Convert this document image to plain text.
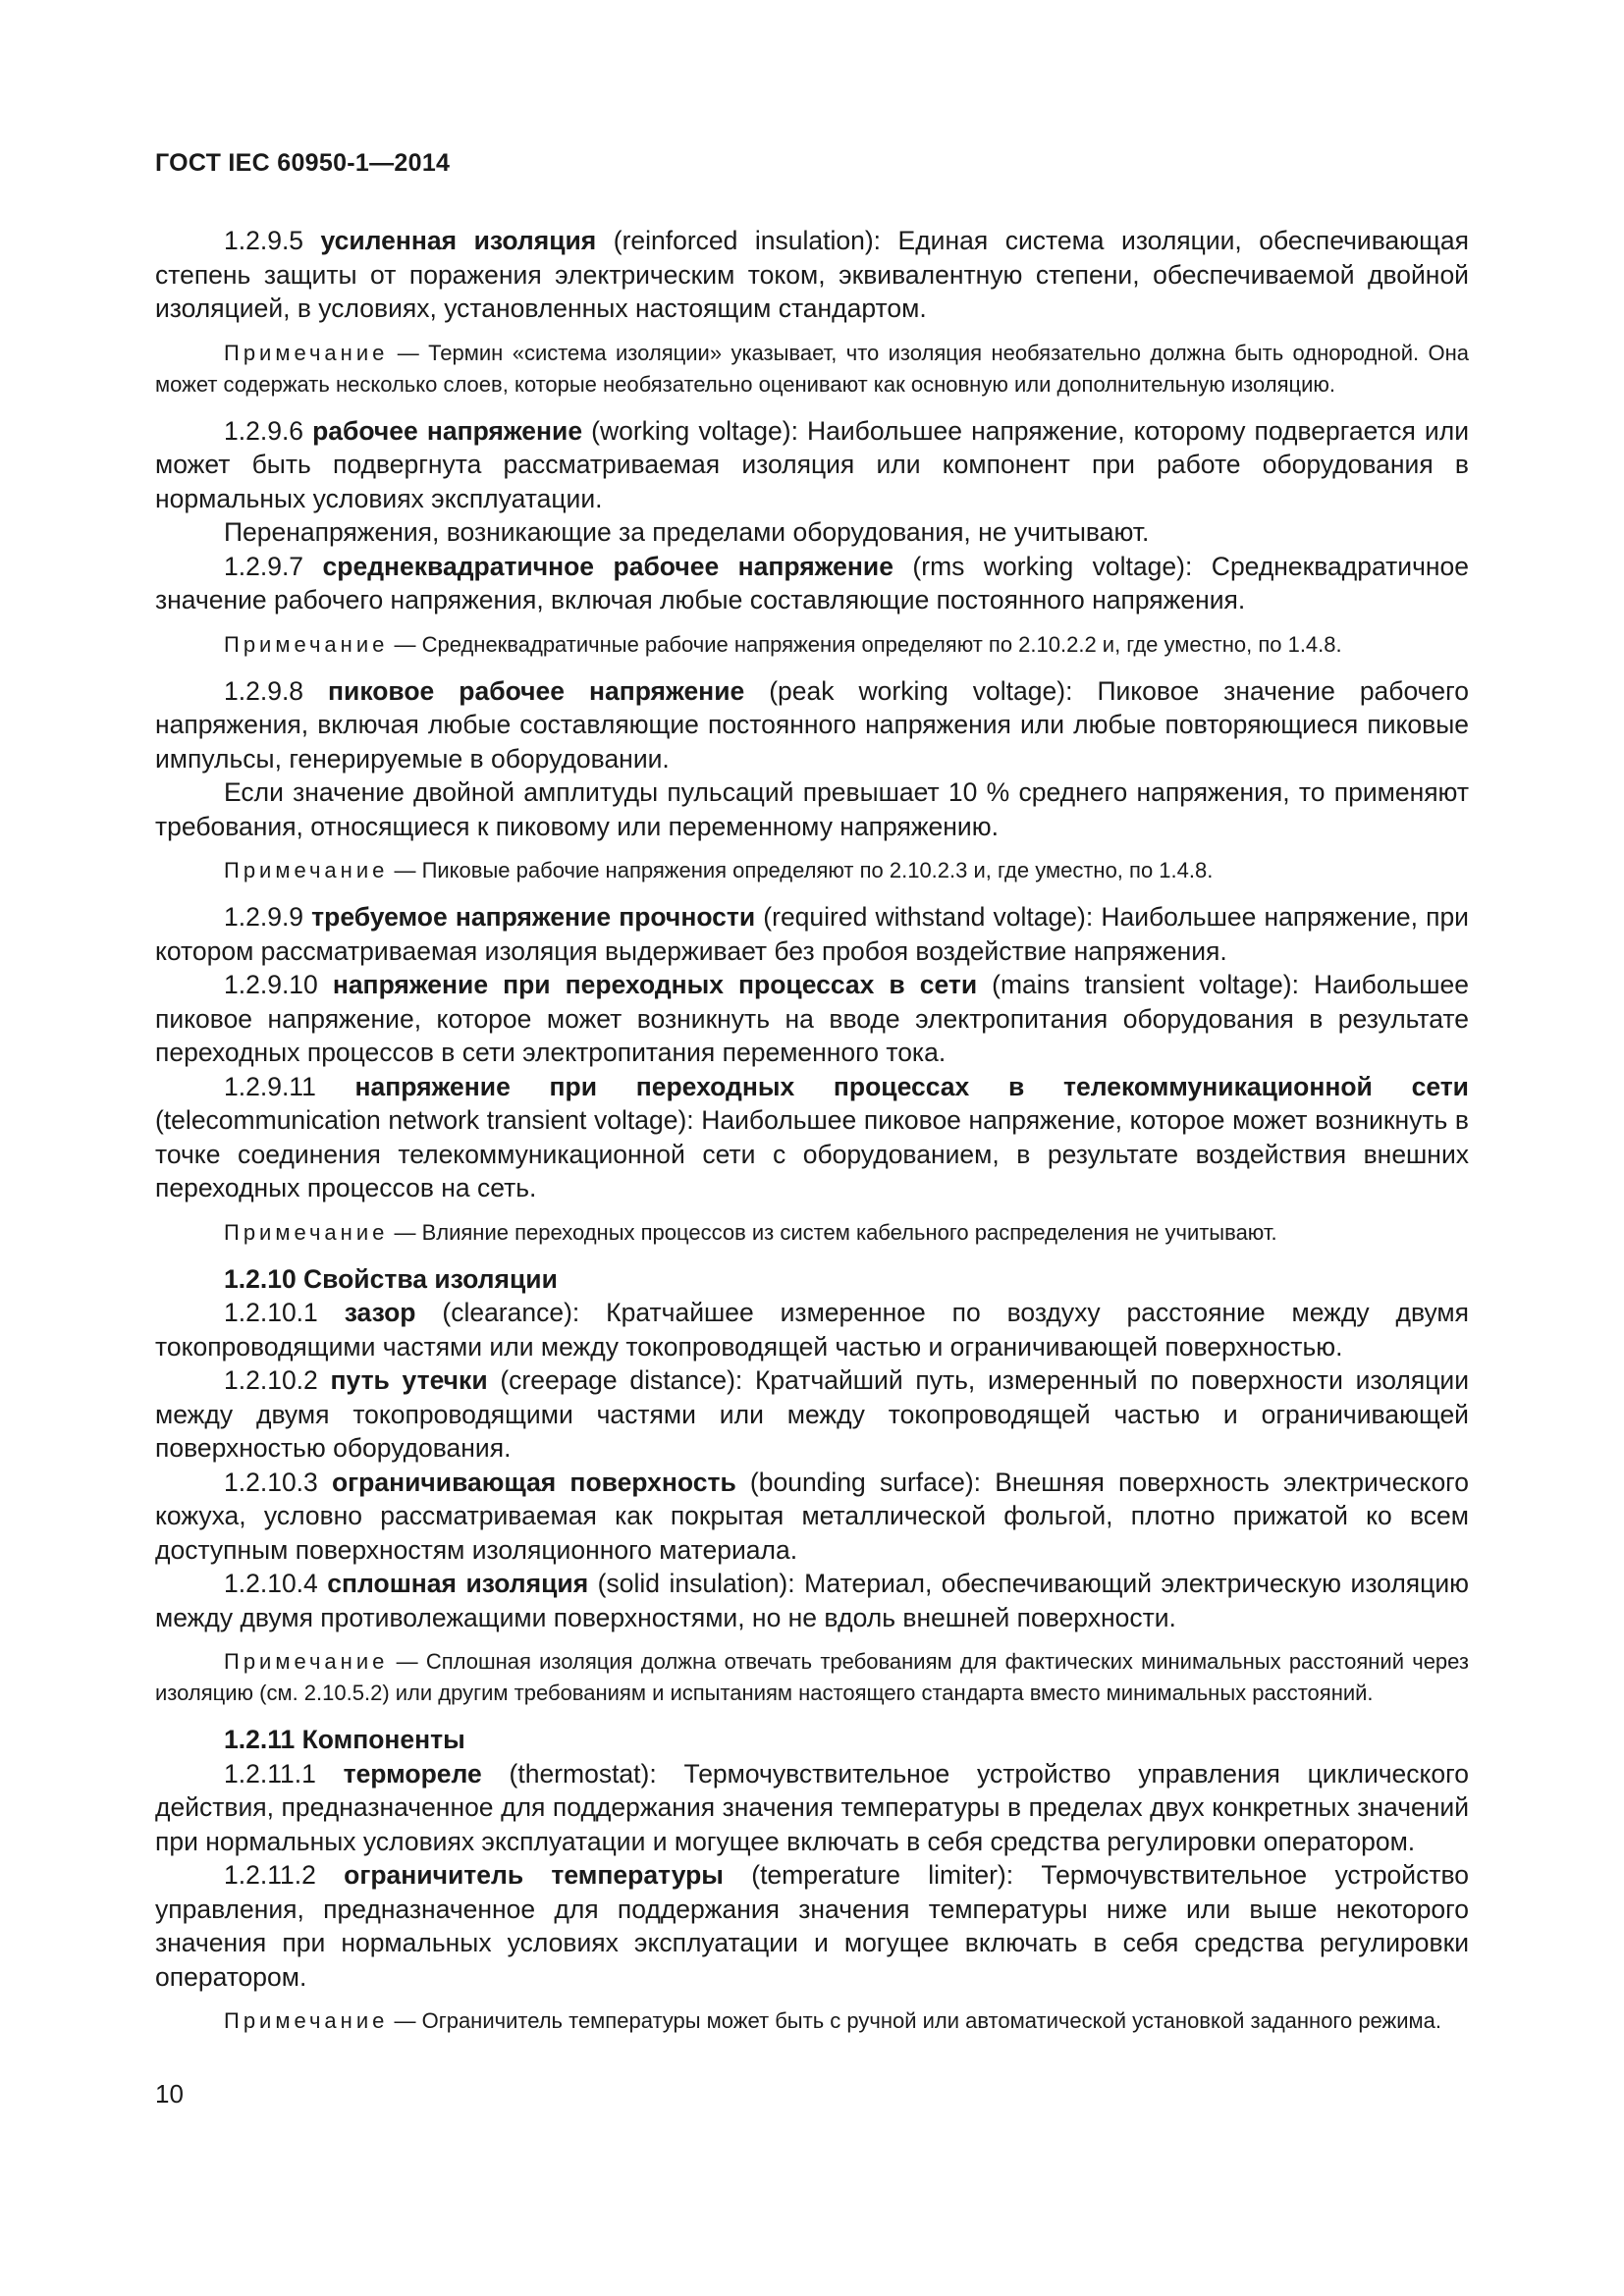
ГОСТ IEC 60950-1—2014

1.2.9.5 усиленная изоляция (reinforced insulation): Единая система изоляции, обеспечивающая степень защиты от поражения электрическим током, эквивалентную степени, обеспечиваемой двойной изоляцией, в условиях, установленных настоящим стандартом.

Примечание — Термин «система изоляции» указывает, что изоляция необязательно должна быть однородной. Она может содержать несколько слоев, которые необязательно оценивают как основную или дополнительную изоляцию.

1.2.9.6 рабочее напряжение (working voltage): Наибольшее напряжение, которому подвергается или может быть подвергнута рассматриваемая изоляция или компонент при работе оборудования в нормальных условиях эксплуатации.

Перенапряжения, возникающие за пределами оборудования, не учитывают.

1.2.9.7 среднеквадратичное рабочее напряжение (rms working voltage): Среднеквадратичное значение рабочего напряжения, включая любые составляющие постоянного напряжения.

Примечание — Среднеквадратичные рабочие напряжения определяют по 2.10.2.2 и, где уместно, по 1.4.8.

1.2.9.8 пиковое рабочее напряжение (peak working voltage): Пиковое значение рабочего напряжения, включая любые составляющие постоянного напряжения или любые повторяющиеся пиковые импульсы, генерируемые в оборудовании.

Если значение двойной амплитуды пульсаций превышает 10 % среднего напряжения, то применяют требования, относящиеся к пиковому или переменному напряжению.

Примечание — Пиковые рабочие напряжения определяют по 2.10.2.3 и, где уместно, по 1.4.8.

1.2.9.9 требуемое напряжение прочности (required withstand voltage): Наибольшее напряжение, при котором рассматриваемая изоляция выдерживает без пробоя воздействие напряжения.

1.2.9.10 напряжение при переходных процессах в сети (mains transient voltage): Наибольшее пиковое напряжение, которое может возникнуть на вводе электропитания оборудования в результате переходных процессов в сети электропитания переменного тока.

1.2.9.11 напряжение при переходных процессах в телекоммуникационной сети (telecommunication network transient voltage): Наибольшее пиковое напряжение, которое может возникнуть в точке соединения телекоммуникационной сети с оборудованием, в результате воздействия внешних переходных процессов на сеть.

Примечание — Влияние переходных процессов из систем кабельного распределения не учитывают.

1.2.10 Свойства изоляции

1.2.10.1 зазор (clearance): Кратчайшее измеренное по воздуху расстояние между двумя токопроводящими частями или между токопроводящей частью и ограничивающей поверхностью.

1.2.10.2 путь утечки (creepage distance): Кратчайший путь, измеренный по поверхности изоляции между двумя токопроводящими частями или между токопроводящей частью и ограничивающей поверхностью оборудования.

1.2.10.3 ограничивающая поверхность (bounding surface): Внешняя поверхность электрического кожуха, условно рассматриваемая как покрытая металлической фольгой, плотно прижатой ко всем доступным поверхностям изоляционного материала.

1.2.10.4 сплошная изоляция (solid insulation): Материал, обеспечивающий электрическую изоляцию между двумя противолежащими поверхностями, но не вдоль внешней поверхности.

Примечание — Сплошная изоляция должна отвечать требованиям для фактических минимальных расстояний через изоляцию (см. 2.10.5.2) или другим требованиям и испытаниям настоящего стандарта вместо минимальных расстояний.

1.2.11 Компоненты

1.2.11.1 термореле (thermostat): Термочувствительное устройство управления циклического действия, предназначенное для поддержания значения температуры в пределах двух конкретных значений при нормальных условиях эксплуатации и могущее включать в себя средства регулировки оператором.

1.2.11.2 ограничитель температуры (temperature limiter): Термочувствительное устройство управления, предназначенное для поддержания значения температуры ниже или выше некоторого значения при нормальных условиях эксплуатации и могущее включать в себя средства регулировки оператором.

Примечание — Ограничитель температуры может быть с ручной или автоматической установкой заданного режима.

10
